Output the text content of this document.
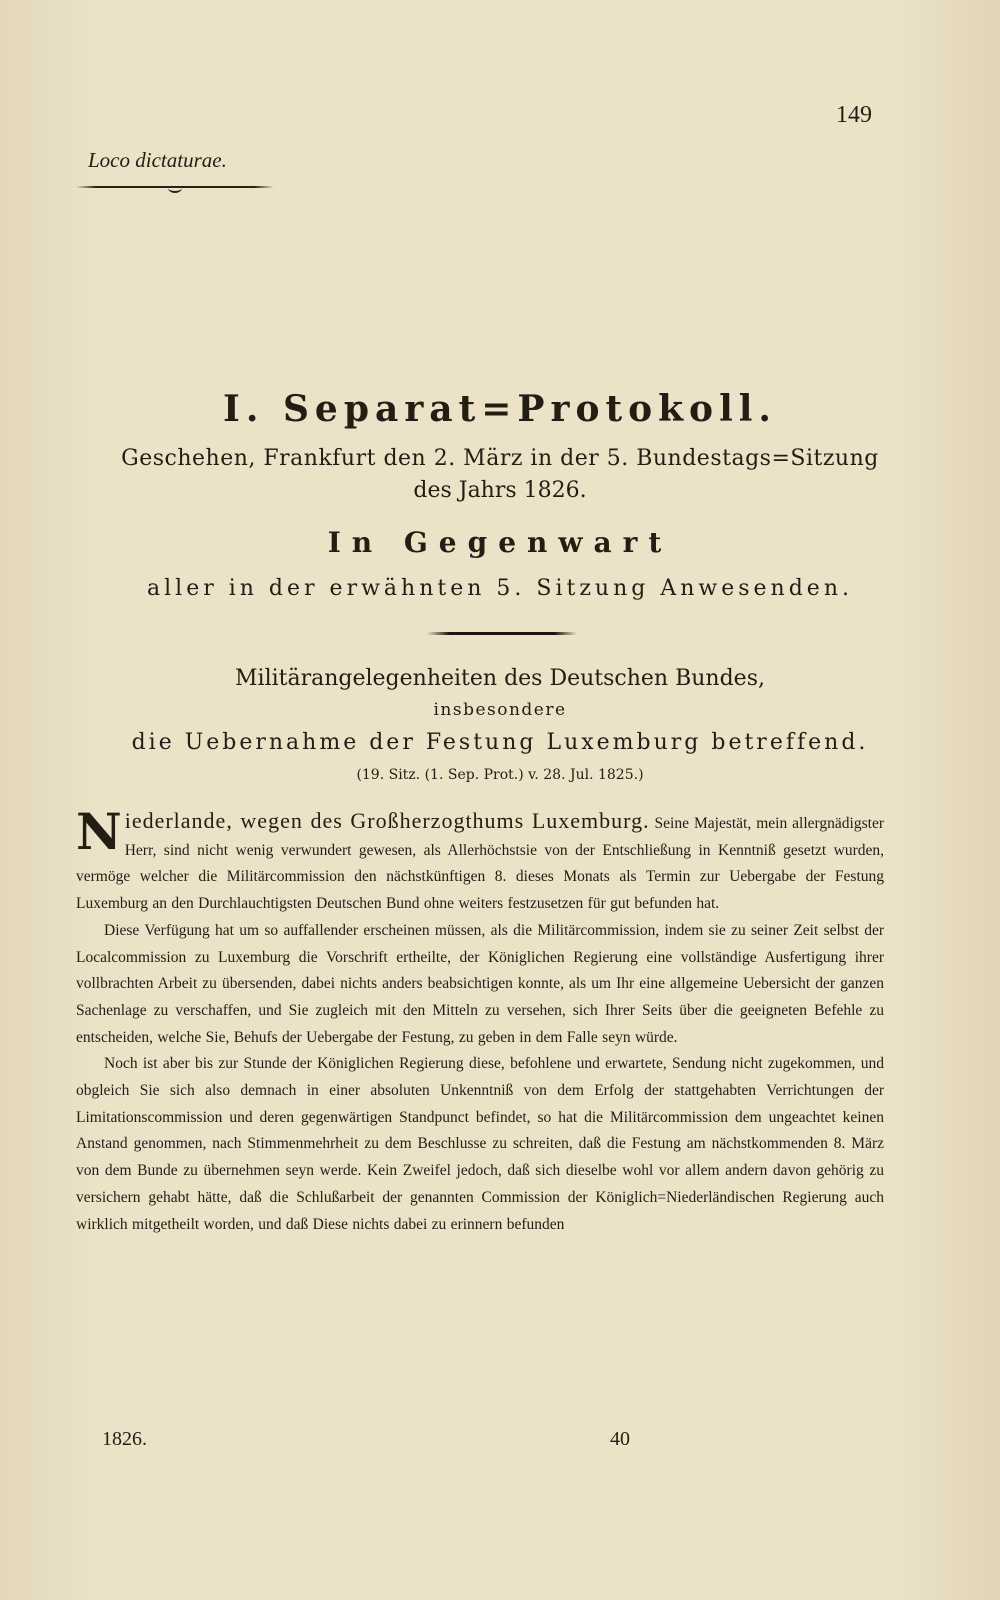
149
Loco dictaturae.
I. Separat=Protokoll.
Geschehen, Frankfurt den 2. März in der 5. Bundestags=Sitzung
des Jahrs 1826.
In Gegenwart
aller in der erwähnten 5. Sitzung Anwesenden.
Militärangelegenheiten des Deutschen Bundes,
insbesondere
die Uebernahme der Festung Luxemburg betreffend.
(19. Sitz. (1. Sep. Prot.) v. 28. Jul. 1825.)

Niederlande, wegen des Großherzogthums Luxemburg. Seine Majestät, mein allergnädigster Herr, sind nicht wenig verwundert gewesen, als Allerhöchstsie von der Entschließung in Kenntniß gesetzt wurden, vermöge welcher die Militärcommission den nächstkünftigen 8. dieses Monats als Termin zur Uebergabe der Festung Luxemburg an den Durchlauchtigsten Deutschen Bund ohne weiters festzusetzen für gut befunden hat.

Diese Verfügung hat um so auffallender erscheinen müssen, als die Militärcommission, indem sie zu seiner Zeit selbst der Localcommission zu Luxemburg die Vorschrift ertheilte, der Königlichen Regierung eine vollständige Ausfertigung ihrer vollbrachten Arbeit zu übersenden, dabei nichts anders beabsichtigen konnte, als um Ihr eine allgemeine Uebersicht der ganzen Sachenlage zu verschaffen, und Sie zugleich mit den Mitteln zu versehen, sich Ihrer Seits über die geeigneten Befehle zu entscheiden, welche Sie, Behufs der Uebergabe der Festung, zu geben in dem Falle seyn würde.

Noch ist aber bis zur Stunde der Königlichen Regierung diese, befohlene und erwartete, Sendung nicht zugekommen, und obgleich Sie sich also demnach in einer absoluten Unkenntniß von dem Erfolg der stattgehabten Verrichtungen der Limitationscommission und deren gegenwärtigen Standpunct befindet, so hat die Militärcommission dem ungeachtet keinen Anstand genommen, nach Stimmenmehrheit zu dem Beschlusse zu schreiten, daß die Festung am nächstkommenden 8. März von dem Bunde zu übernehmen seyn werde. Kein Zweifel jedoch, daß sich dieselbe wohl vor allem andern davon gehörig zu versichern gehabt hätte, daß die Schlußarbeit der genannten Commission der Königlich=Niederländischen Regierung auch wirklich mitgetheilt worden, und daß Diese nichts dabei zu erinnern befunden

1826.	40
